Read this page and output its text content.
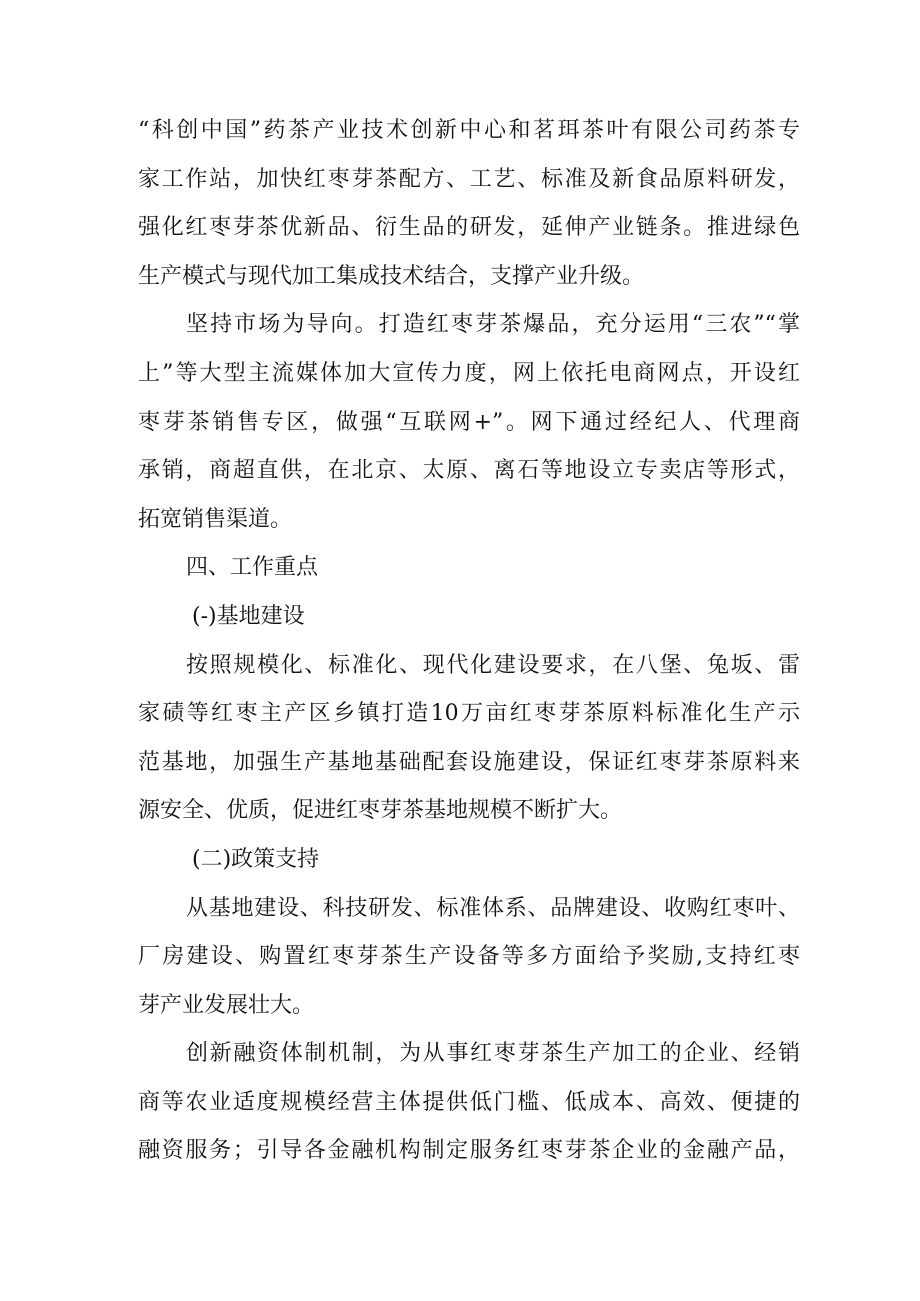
“科创中国”药茶产业技术创新中心和茗珥茶叶有限公司药茶专
家工作站，加快红枣芽茶配方、工艺、标准及新食品原料研发，
强化红枣芽茶优新品、衍生品的研发，延伸产业链条。推进绿色
生产模式与现代加工集成技术结合，支撑产业升级。
坚持市场为导向。打造红枣芽茶爆品，充分运用“三农”“掌
上”等大型主流媒体加大宣传力度，网上依托电商网点，开设红
枣芽茶销售专区，做强“互联网+”。网下通过经纪人、代理商
承销，商超直供，在北京、太原、离石等地设立专卖店等形式，
拓宽销售渠道。
四、工作重点
(-)基地建设
按照规模化、标准化、现代化建设要求，在八堡、兔坂、雷
家碛等红枣主产区乡镇打造10万亩红枣芽茶原料标准化生产示
范基地，加强生产基地基础配套设施建设，保证红枣芽茶原料来
源安全、优质，促进红枣芽茶基地规模不断扩大。
(二)政策支持
从基地建设、科技研发、标准体系、品牌建设、收购红枣叶、
厂房建设、购置红枣芽茶生产设备等多方面给予奖励,支持红枣
芽产业发展壮大。
创新融资体制机制，为从事红枣芽茶生产加工的企业、经销
商等农业适度规模经营主体提供低门槛、低成本、高效、便捷的
融资服务；引导各金融机构制定服务红枣芽茶企业的金融产品，
